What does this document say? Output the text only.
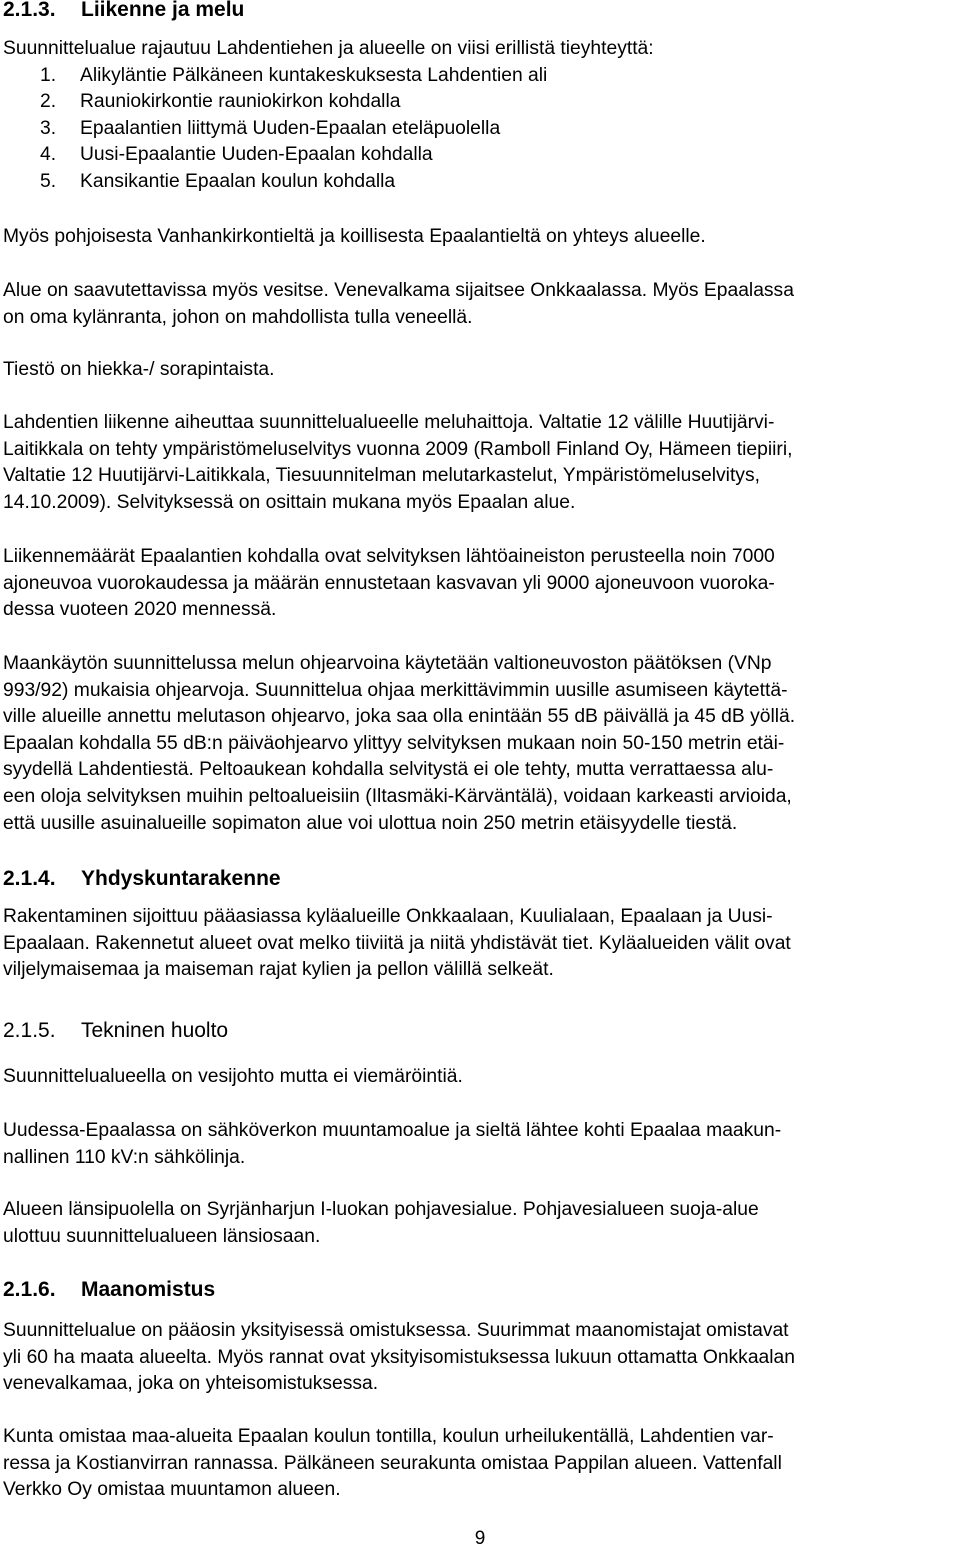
2.1.3. Liikenne ja melu

Suunnittelualue rajautuu Lahdentiehen ja alueelle on viisi erillistä tieyhteyttä:

1. Alikyläntie Pälkäneen kuntakeskuksesta Lahdentien ali
2. Rauniokirkontie rauniokirkon kohdalla
3. Epaalantien liittymä Uuden-Epaalan eteläpuolella
4. Uusi-Epaalantie Uuden-Epaalan kohdalla
5. Kansikantie Epaalan koulun kohdalla

Myös pohjoisesta Vanhankirkontieltä ja koillisesta Epaalantieltä on yhteys alueelle.

Alue on saavutettavissa myös vesitse. Venevalkama sijaitsee Onkkaalassa. Myös Epaalassa

on oma kylänranta, johon on mahdollista tulla veneellä.

Tiestö on hiekka-/ sorapintaista.

Lahdentien liikenne aiheuttaa suunnittelualueelle meluhaittoja. Valtatie 12 välille Huutijärvi-

Laitikkala on tehty ympäristömeluselvitys vuonna 2009 (Ramboll Finland Oy, Hämeen tiepiiri,

Valtatie 12 Huutijärvi-Laitikkala, Tiesuunnitelman melutarkastelut, Ympäristömeluselvitys,

14.10.2009). Selvityksessä on osittain mukana myös Epaalan alue.

Liikennemäärät Epaalantien kohdalla ovat selvityksen lähtöaineiston perusteella noin 7000

ajoneuvoa vuorokaudessa ja määrän ennustetaan kasvavan yli 9000 ajoneuvoon vuoroka-

dessa vuoteen 2020 mennessä.

Maankäytön suunnittelussa melun ohjearvoina käytetään valtioneuvoston päätöksen (VNp

993/92) mukaisia ohjearvoja. Suunnittelua ohjaa merkittävimmin uusille asumiseen käytettä-

ville alueille annettu melutason ohjearvo, joka saa olla enintään 55 dB päivällä ja 45 dB yöllä.

Epaalan kohdalla 55 dB:n päiväohjearvo ylittyy selvityksen mukaan noin 50-150 metrin etäi-

syydellä Lahdentiestä. Peltoaukean kohdalla selvitystä ei ole tehty, mutta verrattaessa alu-

een oloja selvityksen muihin peltoalueisiin (Iltasmäki-Kärväntälä), voidaan karkeasti arvioida,

että uusille asuinalueille sopimaton alue voi ulottua noin 250 metrin etäisyydelle tiestä.

2.1.4. Yhdyskuntarakenne

Rakentaminen sijoittuu pääasiassa kyläalueille Onkkaalaan, Kuulialaan, Epaalaan ja Uusi-

Epaalaan. Rakennetut alueet ovat melko tiiviitä ja niitä yhdistävät tiet. Kyläalueiden välit ovat

viljelymaisemaa ja maiseman rajat kylien ja pellon välillä selkeät.

2.1.5. Tekninen huolto

Suunnittelualueella on vesijohto mutta ei viemäröintiä.

Uudessa-Epaalassa on sähköverkon muuntamoalue ja sieltä lähtee kohti Epaalaa maakun-

nallinen 110 kV:n sähkölinja.

Alueen länsipuolella on Syrjänharjun I-luokan pohjavesialue. Pohjavesialueen suoja-alue

ulottuu suunnittelualueen länsiosaan.

2.1.6. Maanomistus

Suunnittelualue on pääosin yksityisessä omistuksessa. Suurimmat maanomistajat omistavat

yli 60 ha maata alueelta. Myös rannat ovat yksityisomistuksessa lukuun ottamatta Onkkaalan

venevalkamaa, joka on yhteisomistuksessa.

Kunta omistaa maa-alueita Epaalan koulun tontilla, koulun urheilukentällä, Lahdentien var-

ressa ja Kostianvirran rannassa. Pälkäneen seurakunta omistaa Pappilan alueen. Vattenfall

Verkko Oy omistaa muuntamon alueen.

9
